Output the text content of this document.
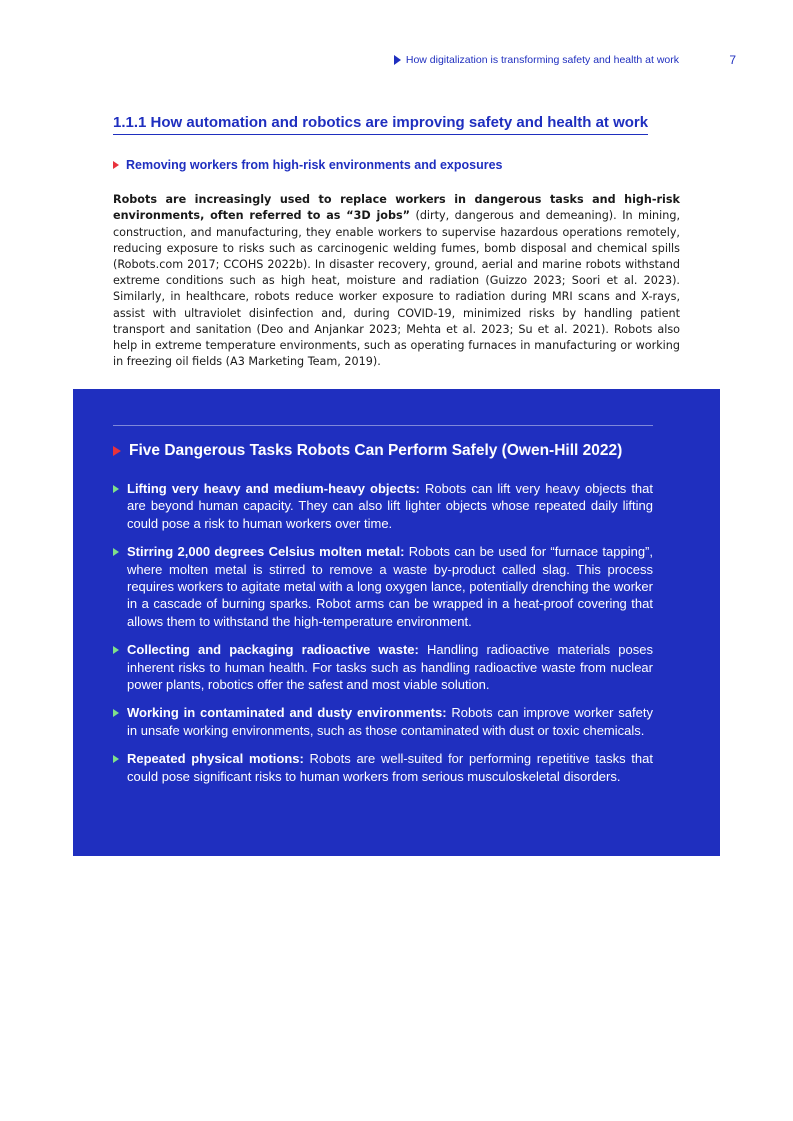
How digitalization is transforming safety and health at work	7
1.1.1 How automation and robotics are improving safety and health at work
Removing workers from high-risk environments and exposures

Robots are increasingly used to replace workers in dangerous tasks and high-risk environments, often referred to as “3D jobs” (dirty, dangerous and demeaning). In mining, construction, and manufacturing, they enable workers to supervise hazardous operations remotely, reducing exposure to risks such as carcinogenic welding fumes, bomb disposal and chemical spills (Robots.com 2017; CCOHS 2022b). In disaster recovery, ground, aerial and marine robots withstand extreme conditions such as high heat, moisture and radiation (Guizzo 2023; Soori et al. 2023). Similarly, in healthcare, robots reduce worker exposure to radiation during MRI scans and X-rays, assist with ultraviolet disinfection and, during COVID-19, minimized risks by handling patient transport and sanitation (Deo and Anjankar 2023; Mehta et al. 2023; Su et al. 2021). Robots also help in extreme temperature environments, such as operating furnaces in manufacturing or working in freezing oil fields (A3 Marketing Team, 2019).

Five Dangerous Tasks Robots Can Perform Safely (Owen-Hill 2022)
Lifting very heavy and medium-heavy objects: Robots can lift very heavy objects that are beyond human capacity. They can also lift lighter objects whose repeated daily lifting could pose a risk to human workers over time.
Stirring 2,000 degrees Celsius molten metal: Robots can be used for “furnace tapping”, where molten metal is stirred to remove a waste by-product called slag. This process requires workers to agitate metal with a long oxygen lance, potentially drenching the worker in a cascade of burning sparks. Robot arms can be wrapped in a heat-proof covering that allows them to withstand the high-temperature environment.
Collecting and packaging radioactive waste: Handling radioactive materials poses inherent risks to human health. For tasks such as handling radioactive waste from nuclear power plants, robotics offer the safest and most viable solution.
Working in contaminated and dusty environments: Robots can improve worker safety in unsafe working environments, such as those contaminated with dust or toxic chemicals.
Repeated physical motions: Robots are well-suited for performing repetitive tasks that could pose significant risks to human workers from serious musculoskeletal disorders.
